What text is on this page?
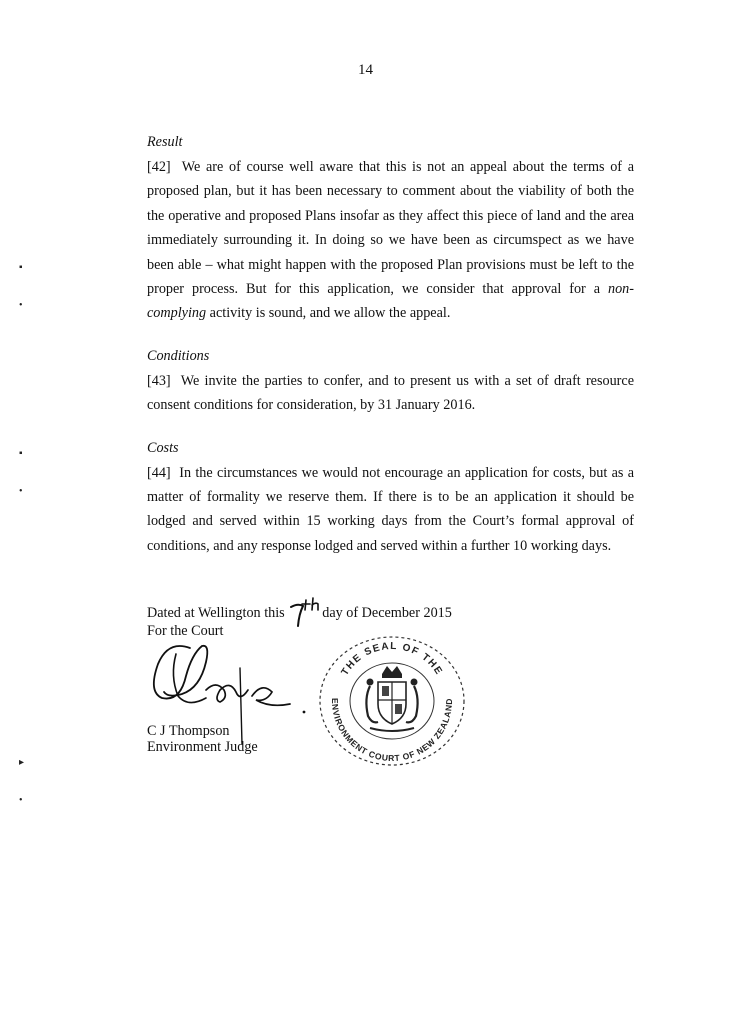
14
▪
•
▪
•
▸
•

Result

[42] We are of course well aware that this is not an appeal about the terms of a proposed plan, but it has been necessary to comment about the viability of both the the operative and proposed Plans insofar as they affect this piece of land and the area immediately surrounding it. In doing so we have been as circumspect as we have been able – what might happen with the proposed Plan provisions must be left to the proper process. But for this application, we consider that approval for a non-complying activity is sound, and we allow the appeal.

Conditions

[43] We invite the parties to confer, and to present us with a set of draft resource consent conditions for consideration, by 31 January 2016.

Costs

[44] In the circumstances we would not encourage an application for costs, but as a matter of formality we reserve them. If there is to be an application it should be lodged and served within 15 working days from the Court’s formal approval of conditions, and any response lodged and served within a further 10 working days.

Dated at Wellington this	day of December 2015
For the Court
C J Thompson
Environment Judge
THE SEAL OF THE
ENVIRONMENT COURT OF NEW ZEALAND
